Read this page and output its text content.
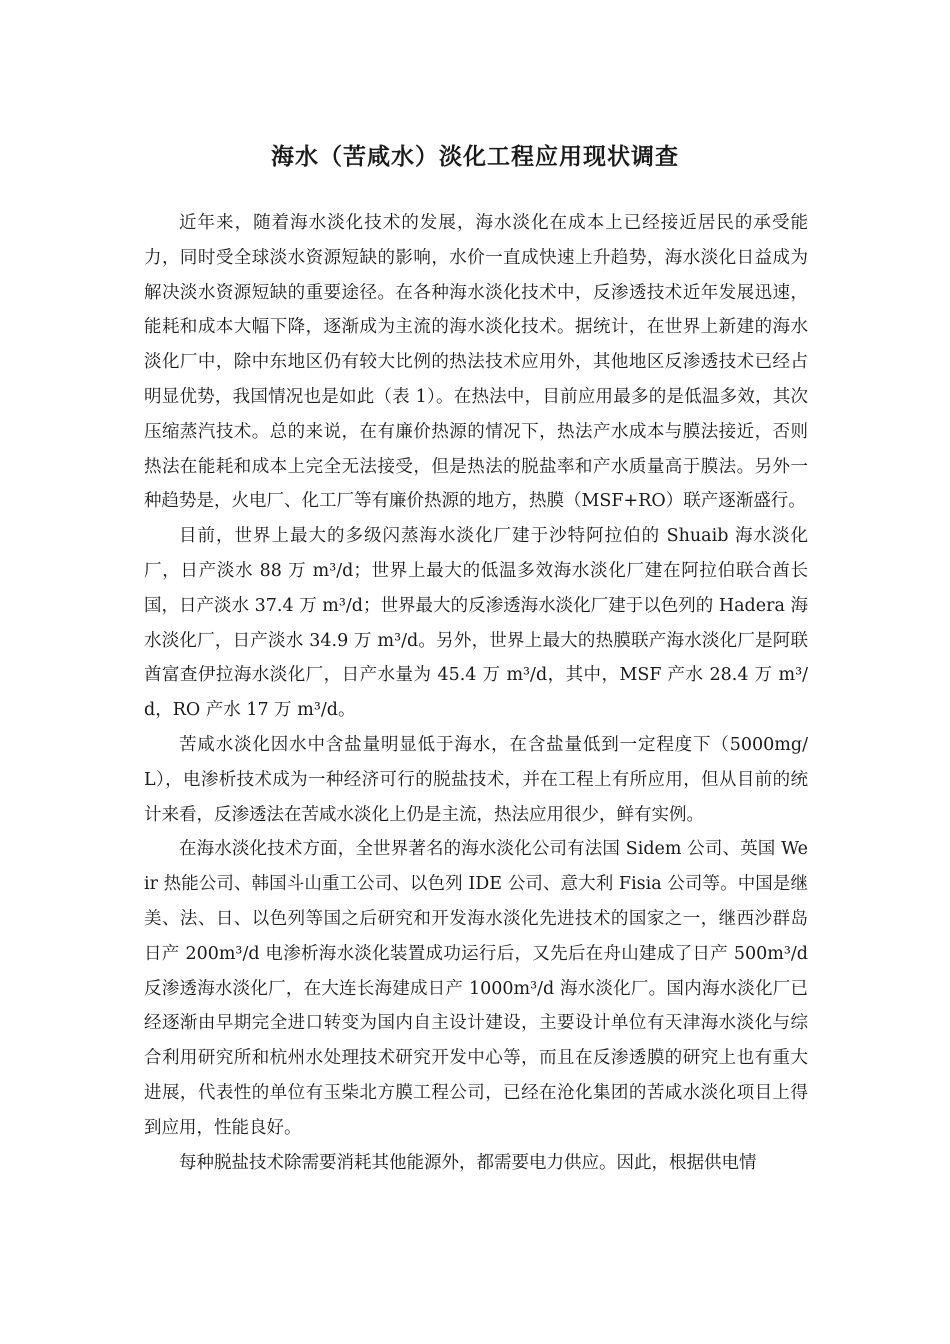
海水（苦咸水）淡化工程应用现状调查

近年来，随着海水淡化技术的发展，海水淡化在成本上已经接近居民的承受能力，同时受全球淡水资源短缺的影响，水价一直成快速上升趋势，海水淡化日益成为解决淡水资源短缺的重要途径。在各种海水淡化技术中，反渗透技术近年发展迅速，能耗和成本大幅下降，逐渐成为主流的海水淡化技术。据统计，在世界上新建的海水淡化厂中，除中东地区仍有较大比例的热法技术应用外，其他地区反渗透技术已经占明显优势，我国情况也是如此（表 1）。在热法中，目前应用最多的是低温多效，其次压缩蒸汽技术。总的来说，在有廉价热源的情况下，热法产水成本与膜法接近，否则热法在能耗和成本上完全无法接受，但是热法的脱盐率和产水质量高于膜法。另外一种趋势是，火电厂、化工厂等有廉价热源的地方，热膜（MSF+RO）联产逐渐盛行。

目前，世界上最大的多级闪蒸海水淡化厂建于沙特阿拉伯的 Shuaib 海水淡化厂，日产淡水 88 万 m³/d；世界上最大的低温多效海水淡化厂建在阿拉伯联合酋长国，日产淡水 37.4 万 m³/d；世界最大的反渗透海水淡化厂建于以色列的 Hadera 海水淡化厂，日产淡水 34.9 万 m³/d。另外，世界上最大的热膜联产海水淡化厂是阿联酋富查伊拉海水淡化厂，日产水量为 45.4 万 m³/d，其中，MSF 产水 28.4 万 m³/d，RO 产水 17 万 m³/d。

苦咸水淡化因水中含盐量明显低于海水，在含盐量低到一定程度下（5000mg/L），电渗析技术成为一种经济可行的脱盐技术，并在工程上有所应用，但从目前的统计来看，反渗透法在苦咸水淡化上仍是主流，热法应用很少，鲜有实例。

在海水淡化技术方面，全世界著名的海水淡化公司有法国 Sidem 公司、英国 Weir 热能公司、韩国斗山重工公司、以色列 IDE 公司、意大利 Fisia 公司等。中国是继美、法、日、以色列等国之后研究和开发海水淡化先进技术的国家之一，继西沙群岛日产 200m³/d 电渗析海水淡化装置成功运行后，又先后在舟山建成了日产 500m³/d 反渗透海水淡化厂，在大连长海建成日产 1000m³/d 海水淡化厂。国内海水淡化厂已经逐渐由早期完全进口转变为国内自主设计建设，主要设计单位有天津海水淡化与综合利用研究所和杭州水处理技术研究开发中心等，而且在反渗透膜的研究上也有重大进展，代表性的单位有玉柴北方膜工程公司，已经在沧化集团的苦咸水淡化项目上得到应用，性能良好。

每种脱盐技术除需要消耗其他能源外，都需要电力供应。因此，根据供电情
